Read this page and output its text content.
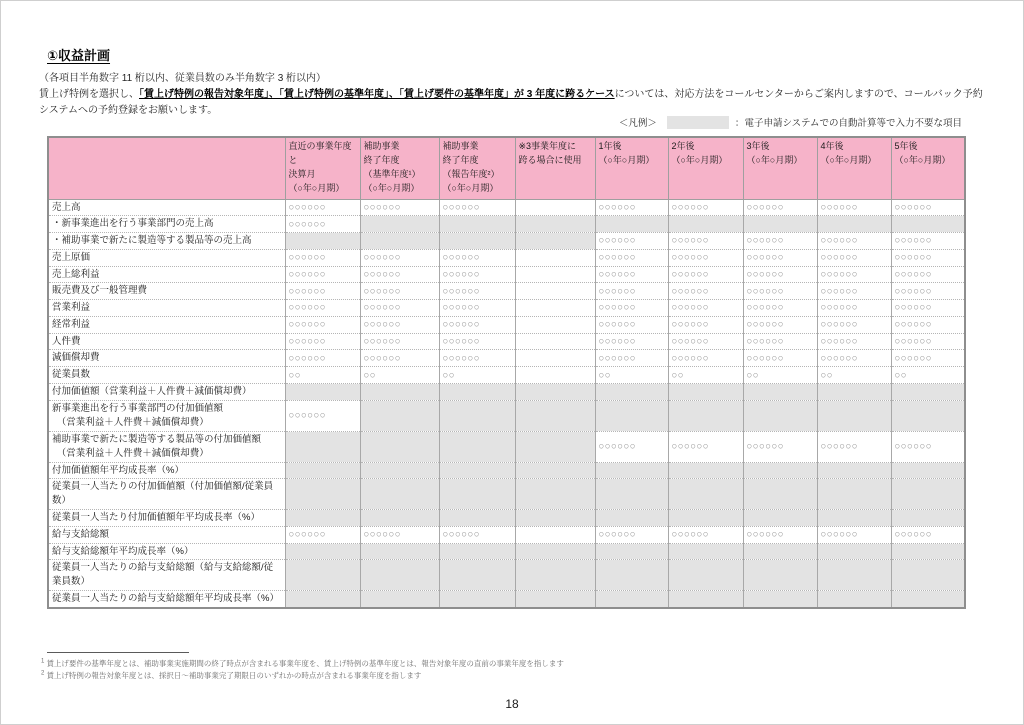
①収益計画
（各項目半角数字 11 桁以内、従業員数のみ半角数字 3 桁以内）
賃上げ特例を選択し、「賃上げ特例の報告対象年度」、「賃上げ特例の基準年度」、「賃上げ要件の基準年度」が 3 年度に跨るケースについては、対応方法をコールセンターからご案内しますので、コールバック予約システムへの予約登録をお願いします。
＜凡例＞	： 電子申請システムでの自動計算等で入力不要な項目
	直近の事業年度と
決算月
（○年○月期）	補助事業
終了年度
（基準年度¹）
（○年○月期）	補助事業
終了年度
（報告年度²）
（○年○月期）	※3事業年度に
跨る場合に使用	1年後
（○年○月期）	2年後
（○年○月期）	3年後
（○年○月期）	4年後
（○年○月期）	5年後
（○年○月期）
売上高	○○○○○○	○○○○○○	○○○○○○		○○○○○○	○○○○○○	○○○○○○	○○○○○○	○○○○○○
・新事業進出を行う事業部門の売上高	○○○○○○								
・補助事業で新たに製造等する製品等の売上高					○○○○○○	○○○○○○	○○○○○○	○○○○○○	○○○○○○
売上原価	○○○○○○	○○○○○○	○○○○○○		○○○○○○	○○○○○○	○○○○○○	○○○○○○	○○○○○○
売上総利益	○○○○○○	○○○○○○	○○○○○○		○○○○○○	○○○○○○	○○○○○○	○○○○○○	○○○○○○
販売費及び一般管理費	○○○○○○	○○○○○○	○○○○○○		○○○○○○	○○○○○○	○○○○○○	○○○○○○	○○○○○○
営業利益	○○○○○○	○○○○○○	○○○○○○		○○○○○○	○○○○○○	○○○○○○	○○○○○○	○○○○○○
経常利益	○○○○○○	○○○○○○	○○○○○○		○○○○○○	○○○○○○	○○○○○○	○○○○○○	○○○○○○
人件費	○○○○○○	○○○○○○	○○○○○○		○○○○○○	○○○○○○	○○○○○○	○○○○○○	○○○○○○
減価償却費	○○○○○○	○○○○○○	○○○○○○		○○○○○○	○○○○○○	○○○○○○	○○○○○○	○○○○○○
従業員数	○○	○○	○○		○○	○○	○○	○○	○○
付加価値額（営業利益＋人件費＋減価償却費）									
新事業進出を行う事業部門の付加価値額
　（営業利益＋人件費＋減価償却費）	○○○○○○								
補助事業で新たに製造等する製品等の付加価値額
　（営業利益＋人件費＋減価償却費）					○○○○○○	○○○○○○	○○○○○○	○○○○○○	○○○○○○
付加価値額年平均成長率（%）									
従業員一人当たりの付加価値額（付加価値額/従業員数）									
従業員一人当たり付加価値額年平均成長率（%）									
給与支給総額	○○○○○○	○○○○○○	○○○○○○		○○○○○○	○○○○○○	○○○○○○	○○○○○○	○○○○○○
給与支給総額年平均成長率（%）									
従業員一人当たりの給与支給総額（給与支給総額/従業員数）									
従業員一人当たりの給与支給総額年平均成長率（%）									
$^1$ 賃上げ要件の基準年度とは、補助事業実施期間の終了時点が含まれる事業年度を、賃上げ特例の基準年度とは、報告対象年度の直前の事業年度を指します
$^2$ 賃上げ特例の報告対象年度とは、採択日～補助事業完了期限日のいずれかの時点が含まれる事業年度を指します
18
